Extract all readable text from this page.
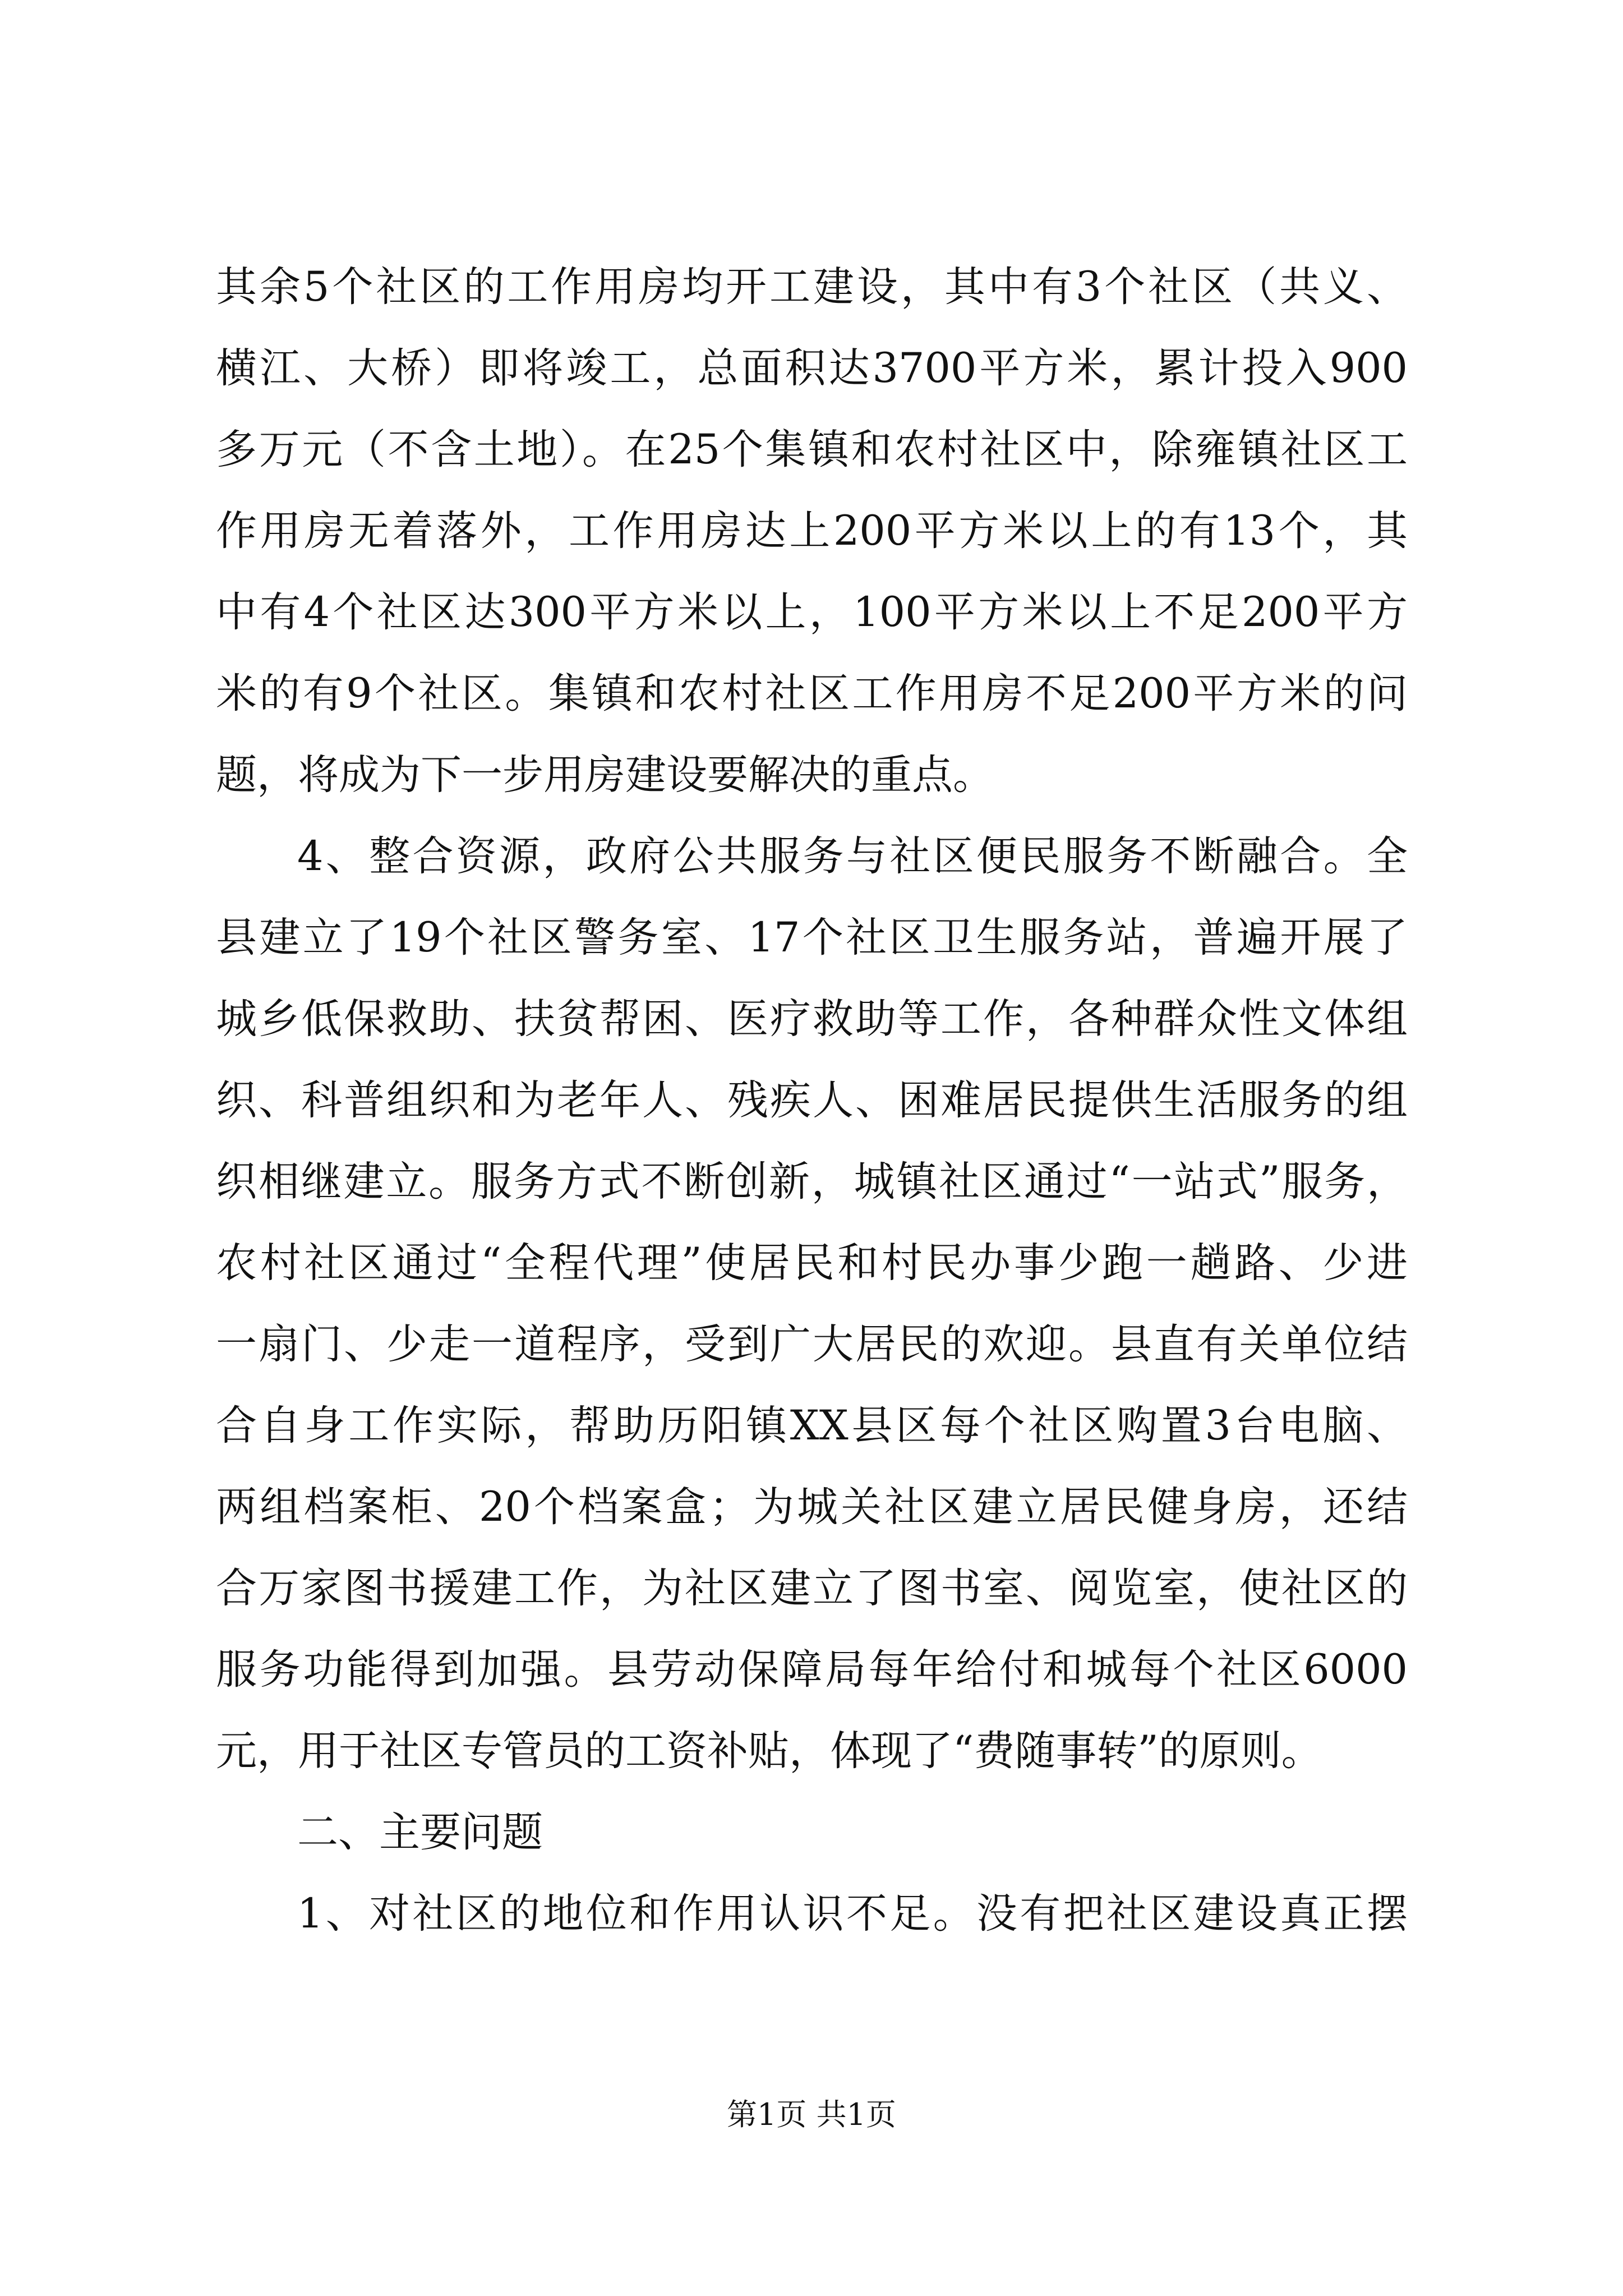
其余5个社区的工作用房均开工建设，其中有3个社区（共义、
横江、大桥）即将竣工，总面积达3700平方米，累计投入900
多万元（不含土地）。在25个集镇和农村社区中，除雍镇社区工
作用房无着落外，工作用房达上200平方米以上的有13个，其
中有4个社区达300平方米以上，100平方米以上不足200平方
米的有9个社区。集镇和农村社区工作用房不足200平方米的问
题，将成为下一步用房建设要解决的重点。
4、整合资源，政府公共服务与社区便民服务不断融合。全
县建立了19个社区警务室、17个社区卫生服务站，普遍开展了
城乡低保救助、扶贫帮困、医疗救助等工作，各种群众性文体组
织、科普组织和为老年人、残疾人、困难居民提供生活服务的组
织相继建立。服务方式不断创新，城镇社区通过“一站式”服务，
农村社区通过“全程代理”使居民和村民办事少跑一趟路、少进
一扇门、少走一道程序，受到广大居民的欢迎。县直有关单位结
合自身工作实际，帮助历阳镇XX县区每个社区购置3台电脑、
两组档案柜、20个档案盒；为城关社区建立居民健身房，还结
合万家图书援建工作，为社区建立了图书室、阅览室，使社区的
服务功能得到加强。县劳动保障局每年给付和城每个社区6000
元，用于社区专管员的工资补贴，体现了“费随事转”的原则。
二、主要问题
1、对社区的地位和作用认识不足。没有把社区建设真正摆
第1页 共1页
